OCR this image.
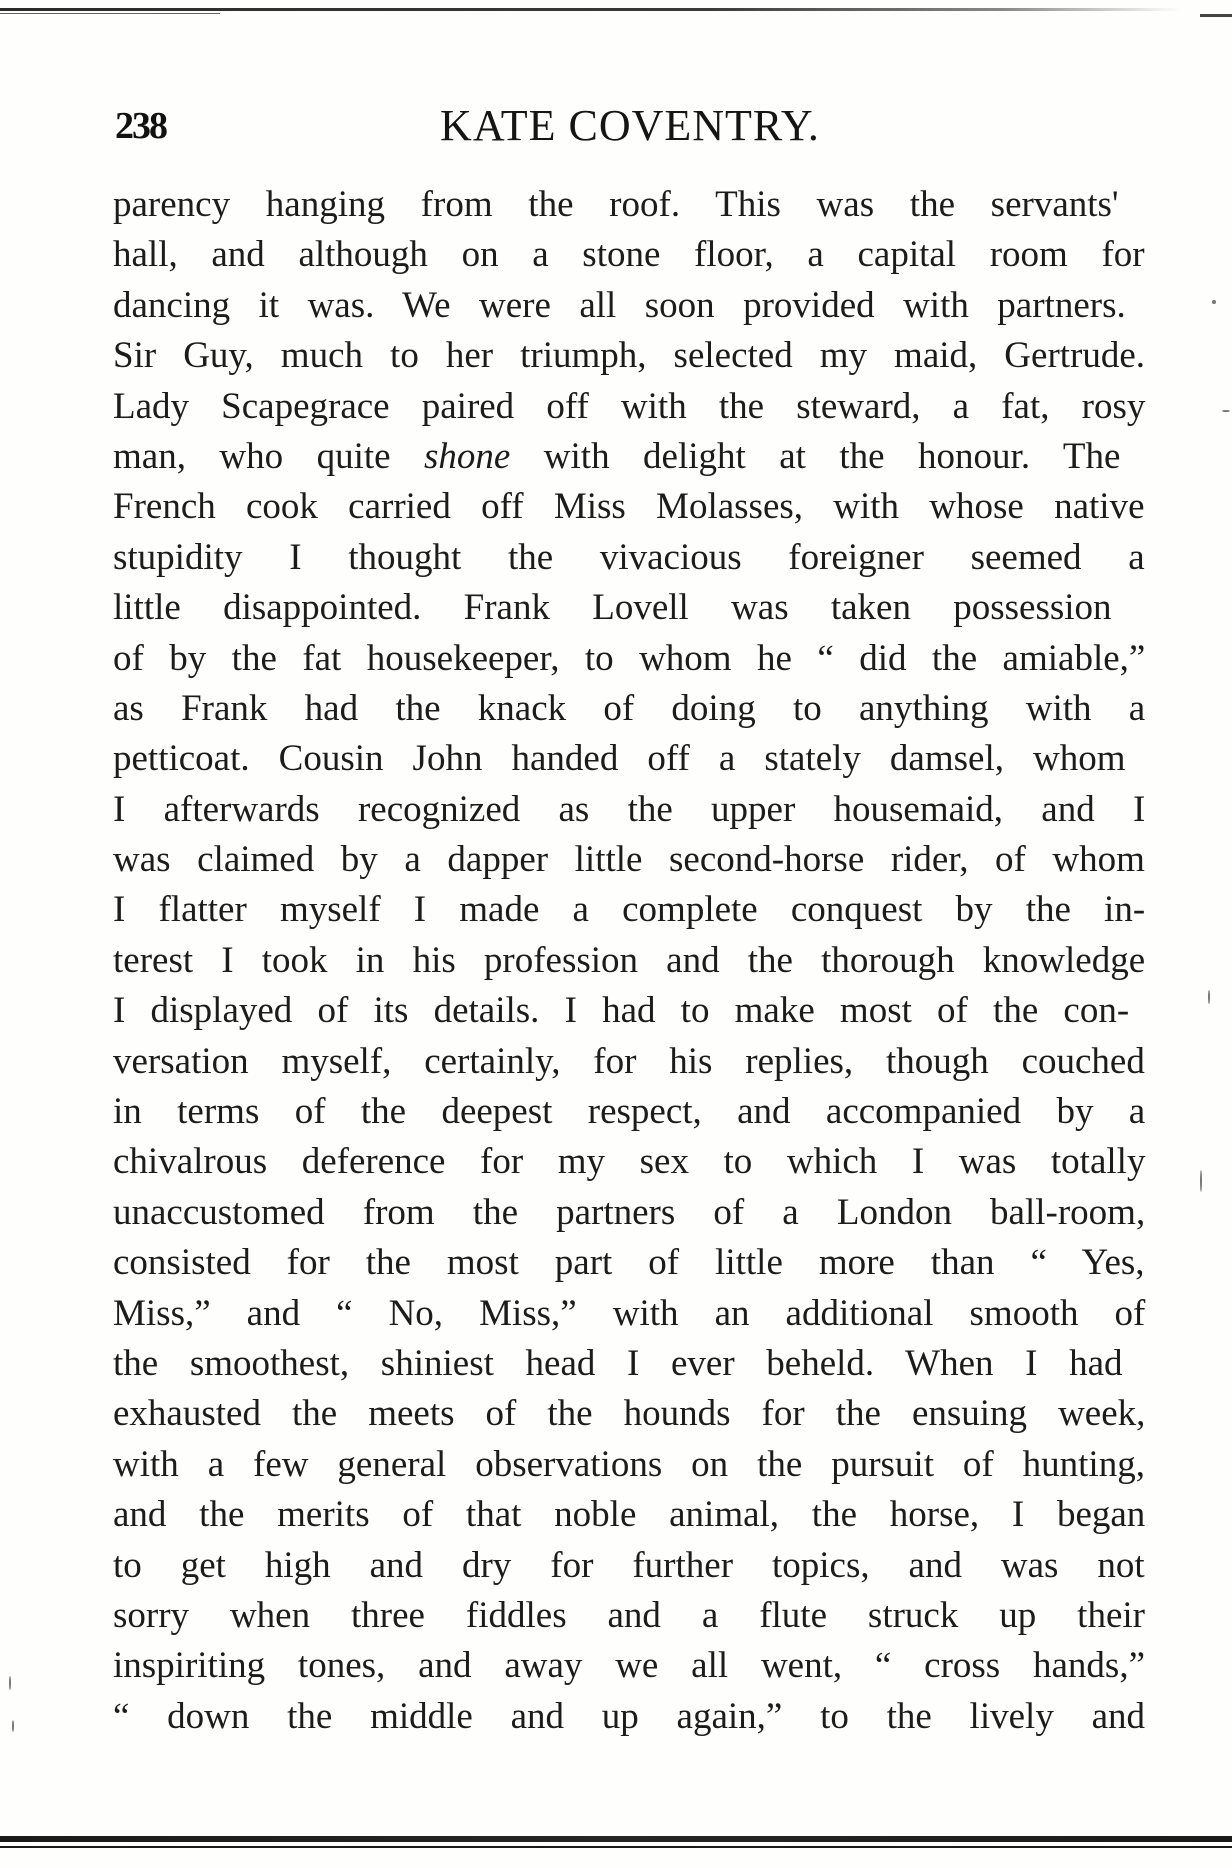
238	KATE COVENTRY.
parency hanging from the roof. This was the servants'
hall, and although on a stone floor, a capital room for
dancing it was. We were all soon provided with partners.
Sir Guy, much to her triumph, selected my maid, Gertrude.
Lady Scapegrace paired off with the steward, a fat, rosy
man, who quite shone with delight at the honour. The
French cook carried off Miss Molasses, with whose native
stupidity I thought the vivacious foreigner seemed a
little disappointed. Frank Lovell was taken possession
of by the fat housekeeper, to whom he “ did the amiable,”
as Frank had the knack of doing to anything with a
petticoat. Cousin John handed off a stately damsel, whom
I afterwards recognized as the upper housemaid, and I
was claimed by a dapper little second-horse rider, of whom
I flatter myself I made a complete conquest by the in-
terest I took in his profession and the thorough knowledge
I displayed of its details. I had to make most of the con-
versation myself, certainly, for his replies, though couched
in terms of the deepest respect, and accompanied by a
chivalrous deference for my sex to which I was totally
unaccustomed from the partners of a London ball-room,
consisted for the most part of little more than “ Yes,
Miss,” and “ No, Miss,” with an additional smooth of
the smoothest, shiniest head I ever beheld. When I had
exhausted the meets of the hounds for the ensuing week,
with a few general observations on the pursuit of hunting,
and the merits of that noble animal, the horse, I began
to get high and dry for further topics, and was not
sorry when three fiddles and a flute struck up their
inspiriting tones, and away we all went, “ cross hands,”
“ down the middle and up again,” to the lively and
